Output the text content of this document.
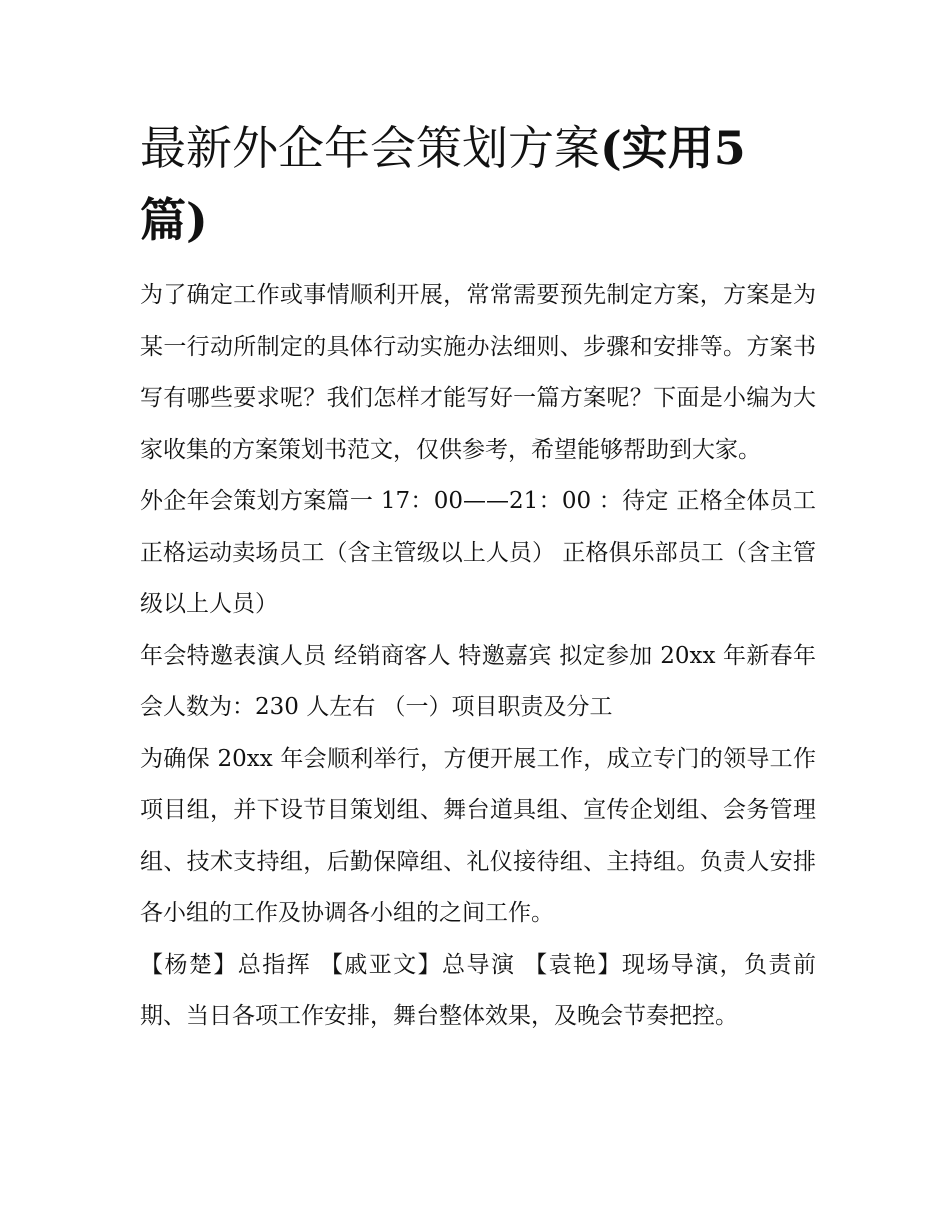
最新外企年会策划方案(实用5
篇)

为了确定工作或事情顺利开展，常常需要预先制定方案，方案是为某一行动所制定的具体行动实施办法细则、步骤和安排等。方案书写有哪些要求呢？我们怎样才能写好一篇方案呢？下面是小编为大家收集的方案策划书范文，仅供参考，希望能够帮助到大家。

外企年会策划方案篇一 17：00——21：00 ：待定 正格全体员工 正格运动卖场员工（含主管级以上人员） 正格俱乐部员工（含主管级以上人员）

年会特邀表演人员 经销商客人 特邀嘉宾 拟定参加 20xx 年新春年会人数为：230 人左右 （一）项目职责及分工

为确保 20xx 年会顺利举行，方便开展工作，成立专门的领导工作项目组，并下设节目策划组、舞台道具组、宣传企划组、会务管理组、技术支持组，后勤保障组、礼仪接待组、主持组。负责人安排各小组的工作及协调各小组的之间工作。

【杨楚】总指挥 【戚亚文】总导演 【袁艳】现场导演，负责前期、当日各项工作安排，舞台整体效果，及晚会节奏把控。
